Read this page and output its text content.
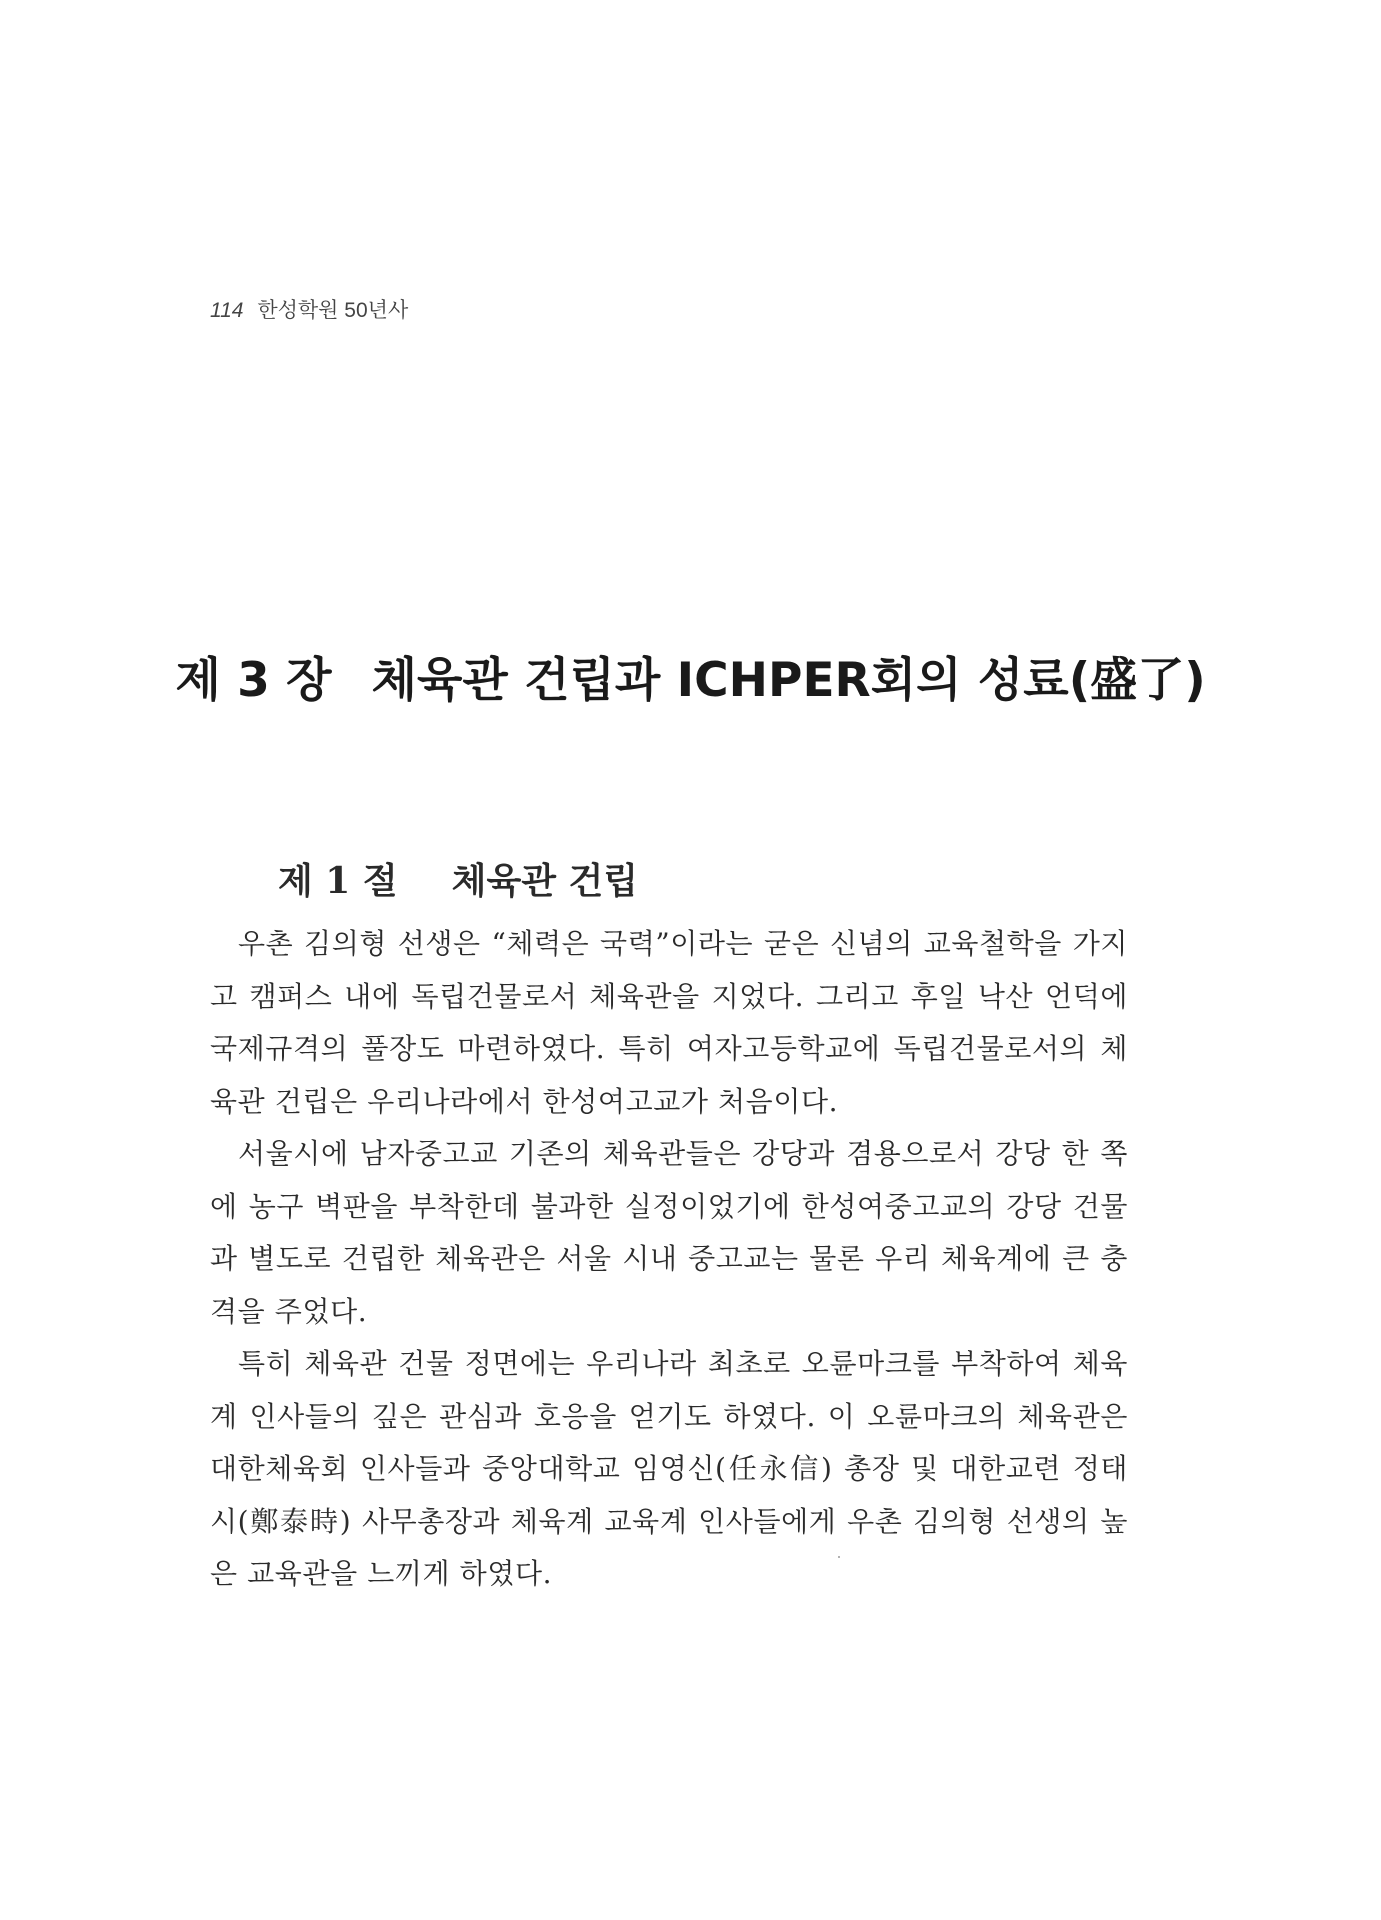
114 한성학원 50년사
제 3 장 체육관 건립과 ICHPER회의 성료(盛了)
제 1 절 체육관 건립

우촌 김의형 선생은 “체력은 국력”이라는 굳은 신념의 교육철학을 가지고 캠퍼스 내에 독립건물로서 체육관을 지었다. 그리고 후일 낙산 언덕에 국제규격의 풀장도 마련하였다. 특히 여자고등학교에 독립건물로서의 체육관 건립은 우리나라에서 한성여고교가 처음이다.

서울시에 남자중고교 기존의 체육관들은 강당과 겸용으로서 강당 한 쪽에 농구 벽판을 부착한데 불과한 실정이었기에 한성여중고교의 강당 건물과 별도로 건립한 체육관은 서울 시내 중고교는 물론 우리 체육계에 큰 충격을 주었다.

특히 체육관 건물 정면에는 우리나라 최초로 오륜마크를 부착하여 체육계 인사들의 깊은 관심과 호응을 얻기도 하였다. 이 오륜마크의 체육관은 대한체육회 인사들과 중앙대학교 임영신(任永信) 총장 및 대한교련 정태시(鄭泰時) 사무총장과 체육계 교육계 인사들에게 우촌 김의형 선생의 높은 교육관을 느끼게 하였다.
